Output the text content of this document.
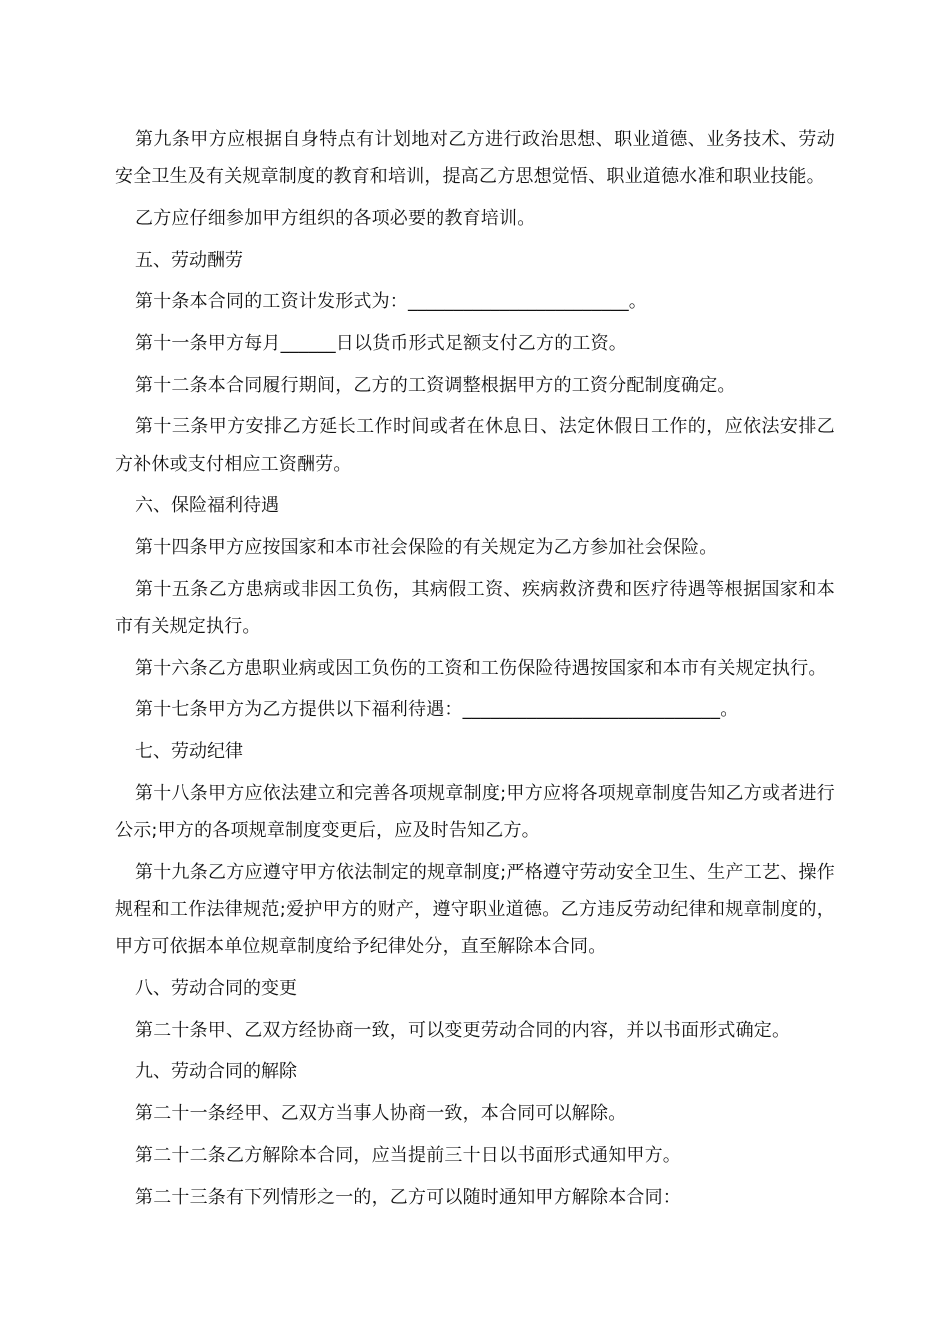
第九条甲方应根据自身特点有计划地对乙方进行政治思想、职业道德、业务技术、劳动安全卫生及有关规章制度的教育和培训，提高乙方思想觉悟、职业道德水准和职业技能。

乙方应仔细参加甲方组织的各项必要的教育培训。

五、劳动酬劳

第十条本合同的工资计发形式为：________________________。

第十一条甲方每月______日以货币形式足额支付乙方的工资。

第十二条本合同履行期间，乙方的工资调整根据甲方的工资分配制度确定。

第十三条甲方安排乙方延长工作时间或者在休息日、法定休假日工作的，应依法安排乙方补休或支付相应工资酬劳。

六、保险福利待遇

第十四条甲方应按国家和本市社会保险的有关规定为乙方参加社会保险。

第十五条乙方患病或非因工负伤，其病假工资、疾病救济费和医疗待遇等根据国家和本市有关规定执行。

第十六条乙方患职业病或因工负伤的工资和工伤保险待遇按国家和本市有关规定执行。

第十七条甲方为乙方提供以下福利待遇：____________________________。

七、劳动纪律

第十八条甲方应依法建立和完善各项规章制度;甲方应将各项规章制度告知乙方或者进行公示;甲方的各项规章制度变更后，应及时告知乙方。

第十九条乙方应遵守甲方依法制定的规章制度;严格遵守劳动安全卫生、生产工艺、操作规程和工作法律规范;爱护甲方的财产，遵守职业道德。乙方违反劳动纪律和规章制度的，甲方可依据本单位规章制度给予纪律处分，直至解除本合同。

八、劳动合同的变更

第二十条甲、乙双方经协商一致，可以变更劳动合同的内容，并以书面形式确定。

九、劳动合同的解除

第二十一条经甲、乙双方当事人协商一致，本合同可以解除。

第二十二条乙方解除本合同，应当提前三十日以书面形式通知甲方。

第二十三条有下列情形之一的，乙方可以随时通知甲方解除本合同：
